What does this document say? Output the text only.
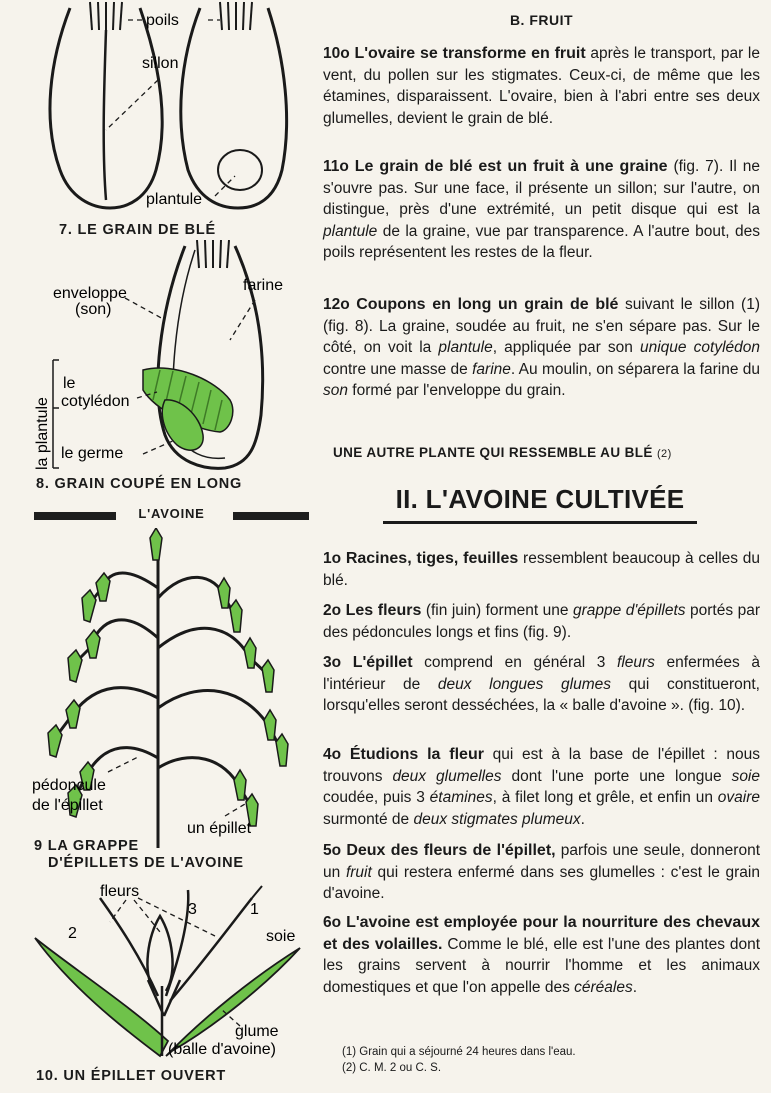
poils
sillon
plantule
7. LE GRAIN DE BLÉ
enveloppe
(son)
farine
la plantule
le
cotylédon
le germe
8. GRAIN COUPÉ EN LONG
L'AVOINE
pédoncule
de l'épillet
un épillet
9 LA GRAPPE
D'ÉPILLETS DE L'AVOINE
fleurs
1
2
3
soie
glume
(balle d'avoine)
10. UN ÉPILLET OUVERT
B. FRUIT

10o L'ovaire se transforme en fruit après le transport, par le vent, du pollen sur les stigmates. Ceux-ci, de même que les étamines, disparaissent. L'ovaire, bien à l'abri entre ses deux glumelles, devient le grain de blé.

11o Le grain de blé est un fruit à une graine (fig. 7). Il ne s'ouvre pas. Sur une face, il présente un sillon; sur l'autre, on distingue, près d'une extrémité, un petit disque qui est la plantule de la graine, vue par transparence. A l'autre bout, des poils représentent les restes de la fleur.

12o Coupons en long un grain de blé suivant le sillon (1) (fig. 8). La graine, soudée au fruit, ne s'en sépare pas. Sur le côté, on voit la plantule, appliquée par son unique cotylédon contre une masse de farine. Au moulin, on séparera la farine du son formé par l'enveloppe du grain.

UNE AUTRE PLANTE QUI RESSEMBLE AU BLÉ (2)
II. L'AVOINE CULTIVÉE

1o Racines, tiges, feuilles ressemblent beaucoup à celles du blé.

2o Les fleurs (fin juin) forment une grappe d'épillets portés par des pédoncules longs et fins (fig. 9).

3o L'épillet comprend en général 3 fleurs enfermées à l'intérieur de deux longues glumes qui constitueront, lorsqu'elles seront desséchées, la « balle d'avoine ». (fig. 10).

4o Étudions la fleur qui est à la base de l'épillet : nous trouvons deux glumelles dont l'une porte une longue soie coudée, puis 3 étamines, à filet long et grêle, et enfin un ovaire surmonté de deux stigmates plumeux.

5o Deux des fleurs de l'épillet, parfois une seule, donneront un fruit qui restera enfermé dans ses glumelles : c'est le grain d'avoine.

6o L'avoine est employée pour la nourriture des chevaux et des volailles. Comme le blé, elle est l'une des plantes dont les grains servent à nourrir l'homme et les animaux domestiques et que l'on appelle des céréales.

(1) Grain qui a séjourné 24 heures dans l'eau.
(2) C. M. 2 ou C. S.
